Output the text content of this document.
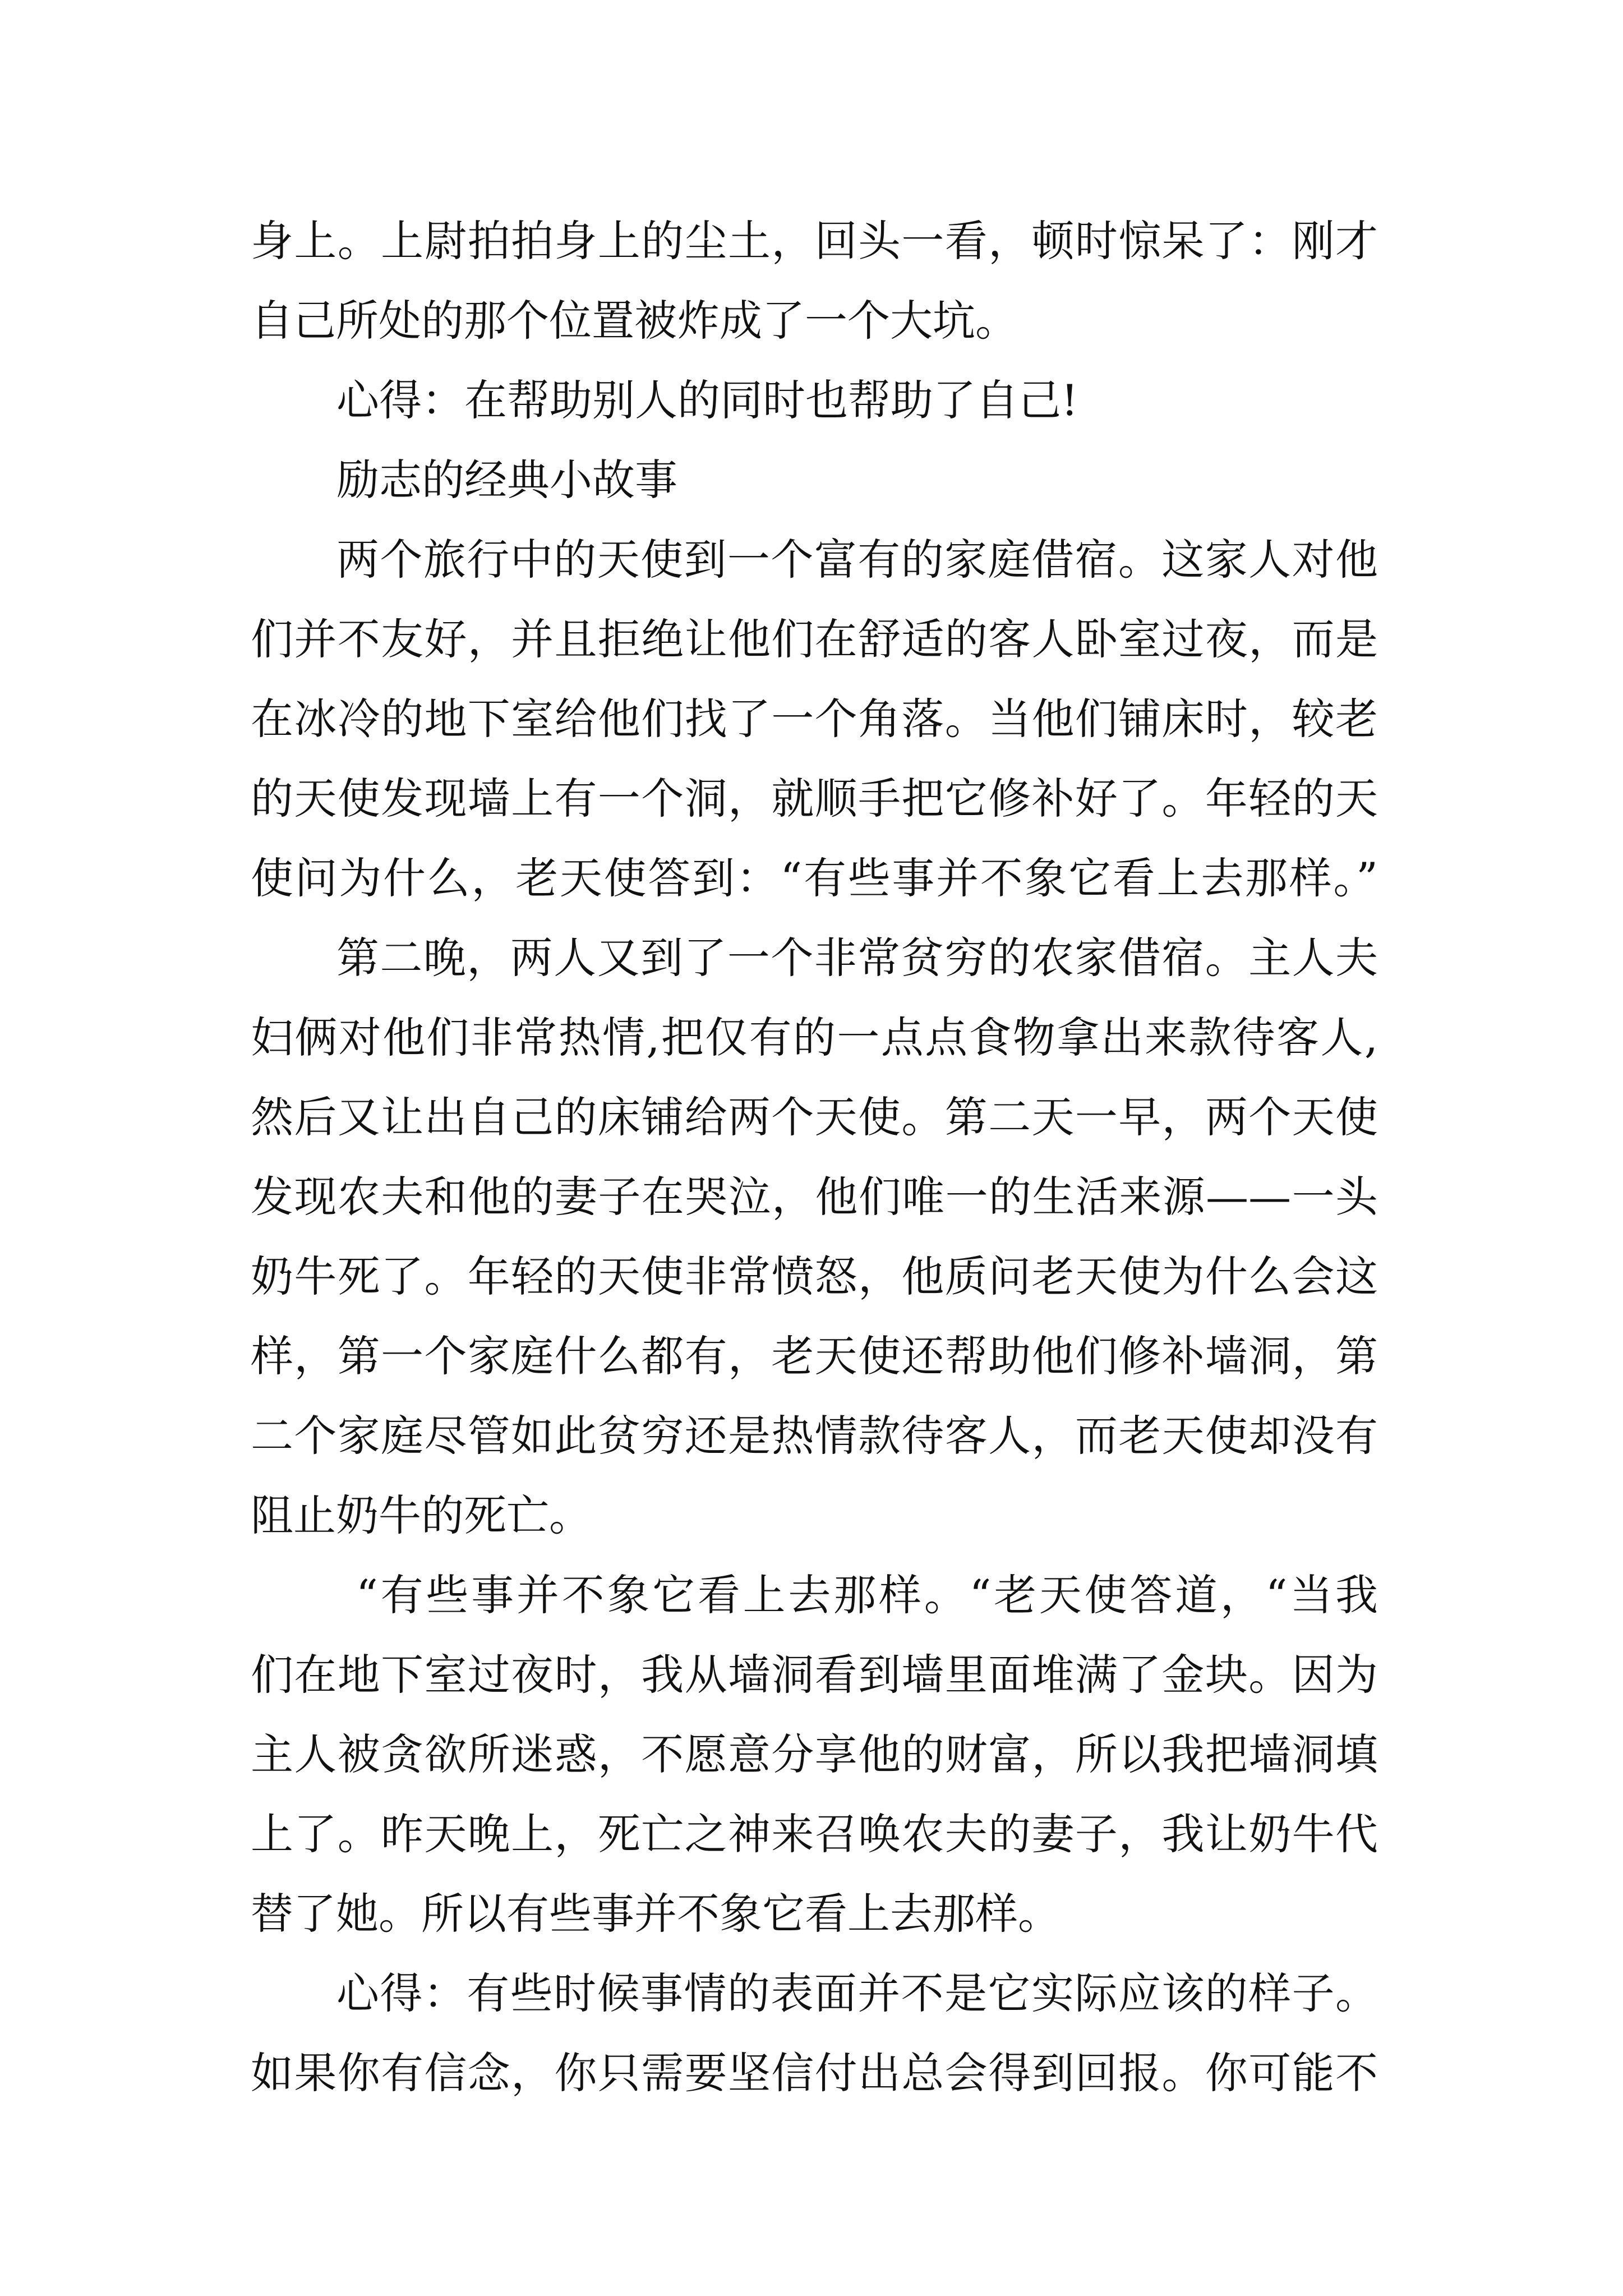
身上。上尉拍拍身上的尘土，回头一看，顿时惊呆了：刚才

自己所处的那个位置被炸成了一个大坑。

心得：在帮助别人的同时也帮助了自己!

励志的经典小故事

两个旅行中的天使到一个富有的家庭借宿。这家人对他

们并不友好，并且拒绝让他们在舒适的客人卧室过夜，而是

在冰冷的地下室给他们找了一个角落。当他们铺床时，较老

的天使发现墙上有一个洞，就顺手把它修补好了。年轻的天

使问为什么，老天使答到：“有些事并不象它看上去那样。”

第二晚，两人又到了一个非常贫穷的农家借宿。主人夫

妇俩对他们非常热情,把仅有的一点点食物拿出来款待客人,

然后又让出自己的床铺给两个天使。第二天一早，两个天使

发现农夫和他的妻子在哭泣，他们唯一的生活来源——一头

奶牛死了。年轻的天使非常愤怒，他质问老天使为什么会这

样，第一个家庭什么都有，老天使还帮助他们修补墙洞，第

二个家庭尽管如此贫穷还是热情款待客人，而老天使却没有

阻止奶牛的死亡。

“有些事并不象它看上去那样。“老天使答道，“当我

们在地下室过夜时，我从墙洞看到墙里面堆满了金块。因为

主人被贪欲所迷惑，不愿意分享他的财富，所以我把墙洞填

上了。昨天晚上，死亡之神来召唤农夫的妻子，我让奶牛代

替了她。所以有些事并不象它看上去那样。

心得：有些时候事情的表面并不是它实际应该的样子。

如果你有信念，你只需要坚信付出总会得到回报。你可能不
